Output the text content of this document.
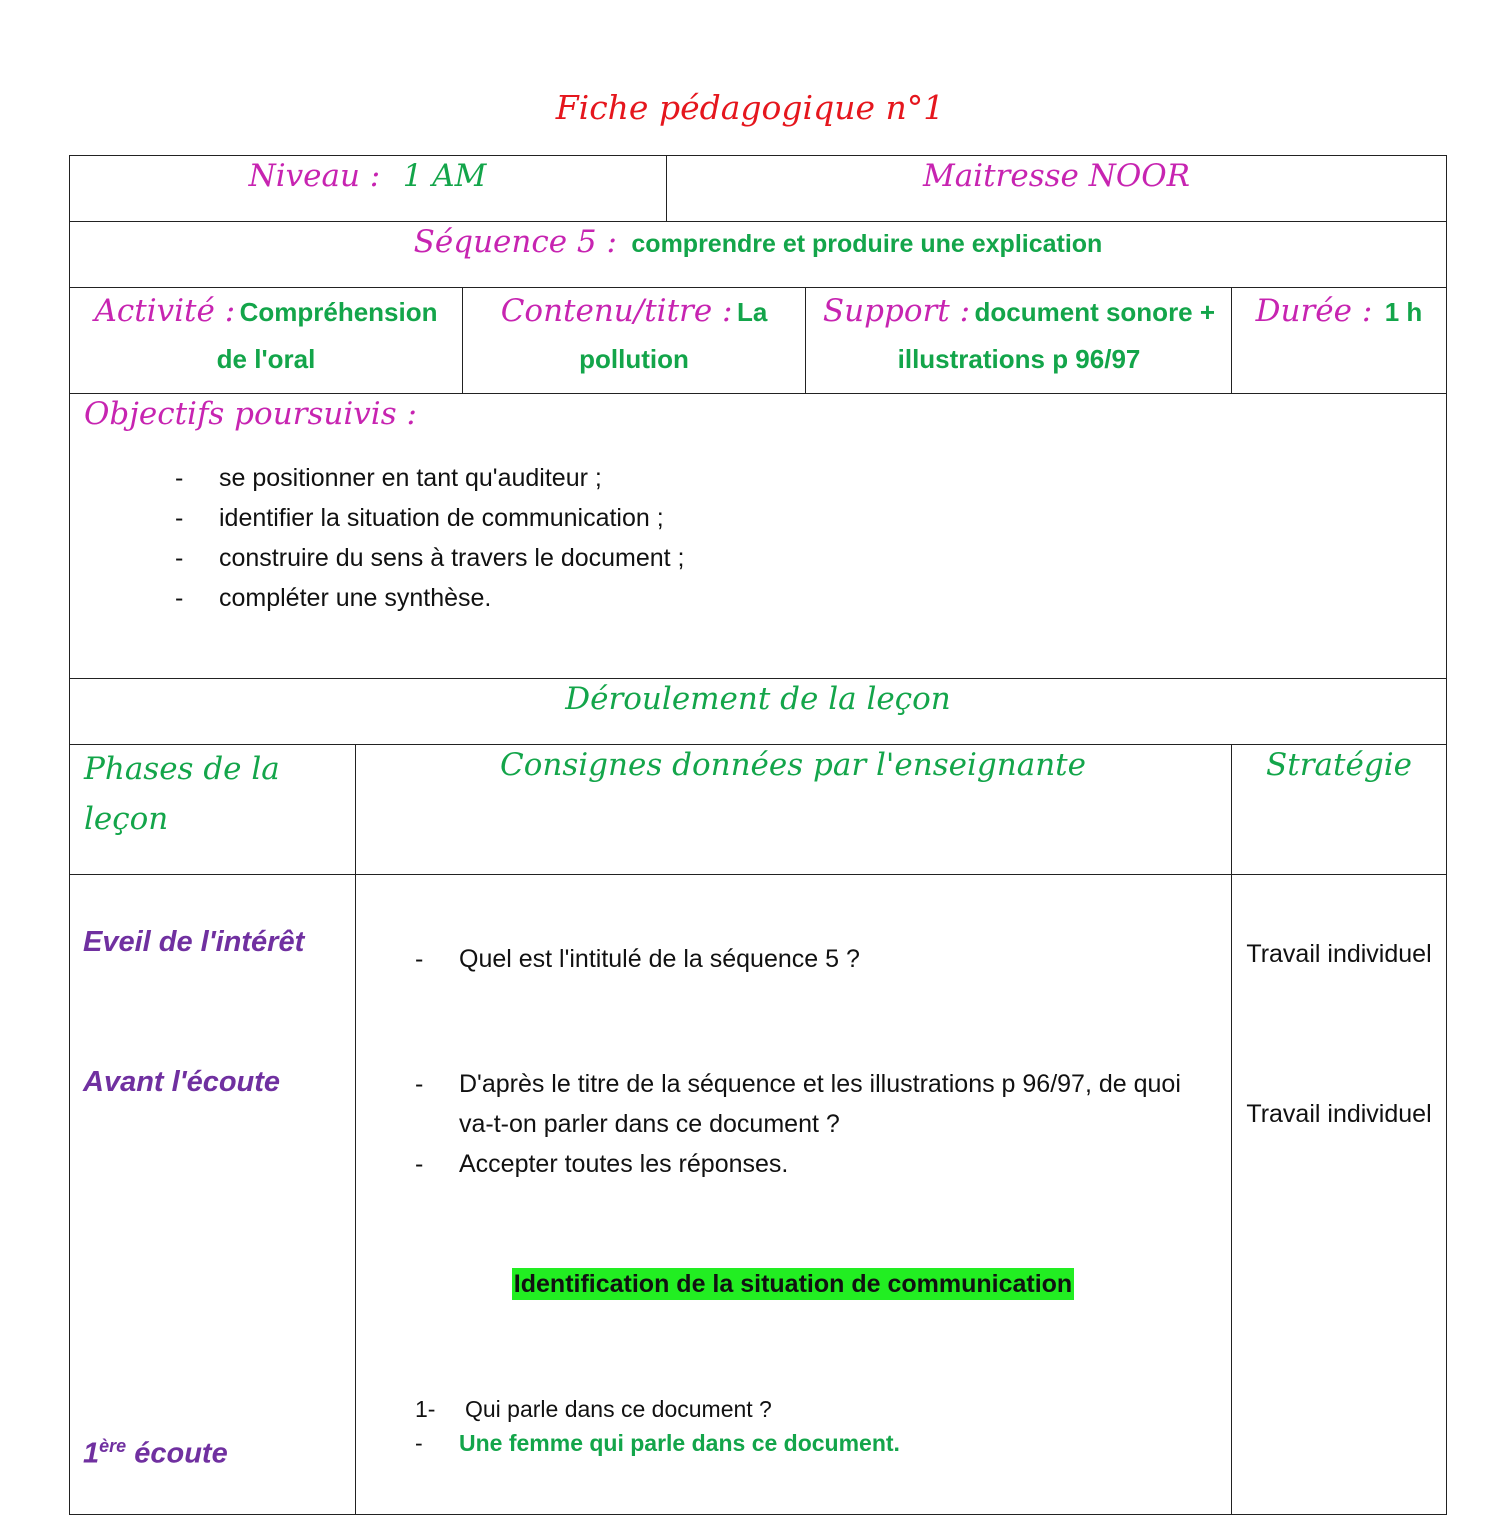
Fiche pédagogique n°1
Niveau : 1 AM	Maitresse NOOR
Séquence 5 : comprendre et produire une explication
Activité : Compréhension de l'oral
Contenu/titre : La pollution
Support : document sonore + illustrations p 96/97
Durée : 1 h
Objectifs poursuivis :
- se positionner en tant qu'auditeur ;
- identifier la situation de communication ;
- construire du sens à travers le document ;
- compléter une synthèse.
Déroulement de la leçon
Phases de la leçon
Consignes données par l'enseignante	Stratégie
Eveil de l'intérêt
Avant l'écoute
1ère écoute
- Quel est l'intitulé de la séquence 5 ?
- D'après le titre de la séquence et les illustrations p 96/97, de quoi va-t-on parler dans ce document ?
- Accepter toutes les réponses.
Identification de la situation de communication
1- Qui parle dans ce document ?
- Une femme qui parle dans ce document.
Travail individuel
Travail individuel
